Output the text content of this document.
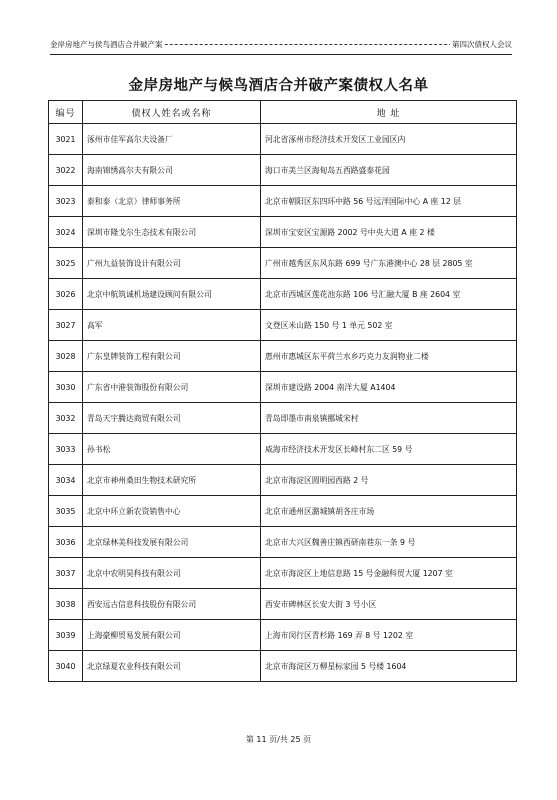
金岸房地产与侯鸟酒店合并破产案	第四次债权人会议
金岸房地产与候鸟酒店合并破产案债权人名单
编号	债权人姓名或名称	地 址
3021	涿州市佳军高尔夫设备厂	河北省涿州市经济技术开发区工业园区内
3022	海南锦绣高尔夫有限公司	海口市美兰区海甸岛五西路盛泰花园
3023	泰和泰（北京）律师事务所	北京市朝阳区东四环中路 56 号远洋国际中心 A 座 12 层
3024	深圳市隆戈尔生态技术有限公司	深圳市宝安区宝源路 2002 号中央大道 A 座 2 楼
3025	广州九益装饰设计有限公司	广州市越秀区东风东路 699 号广东港澳中心 28 层 2805 室
3026	北京中航筑诚机场建设顾问有限公司	北京市西城区莲花池东路 106 号汇融大厦 B 座 2604 室
3027	高军	文登区米山路 150 号 1 单元 502 室
3028	广东皇牌装饰工程有限公司	惠州市惠城区东平荷兰水乡巧克力友润物业二楼
3030	广东省中港装饰股份有限公司	深圳市建设路 2004 南洋大厦 A1404
3032	青岛天宇腾达商贸有限公司	青岛即墨市南泉镇挪城宋村
3033	孙书松	威海市经济技术开发区长峰村东二区 59 号
3034	北京市神州桑田生物技术研究所	北京市海淀区圆明园西路 2 号
3035	北京中环立新农资销售中心	北京市通州区潞城镇胡各庄市场
3036	北京绿林美科技发展有限公司	北京市大兴区魏善庄镇西研南巷东一条 9 号
3037	北京中农明昊科技有限公司	北京市海淀区上地信息路 15 号金融科贸大厦 1207 室
3038	西安远古信息科技股份有限公司	西安市碑林区长安大街 3 号小区
3039	上海豪柳贸易发展有限公司	上海市闵行区青杉路 169 弄 8 号 1202 室
3040	北京绿夏农业科技有限公司	北京市海淀区万柳星标家园 5 号楼 1604
第 11 页/共 25 页
